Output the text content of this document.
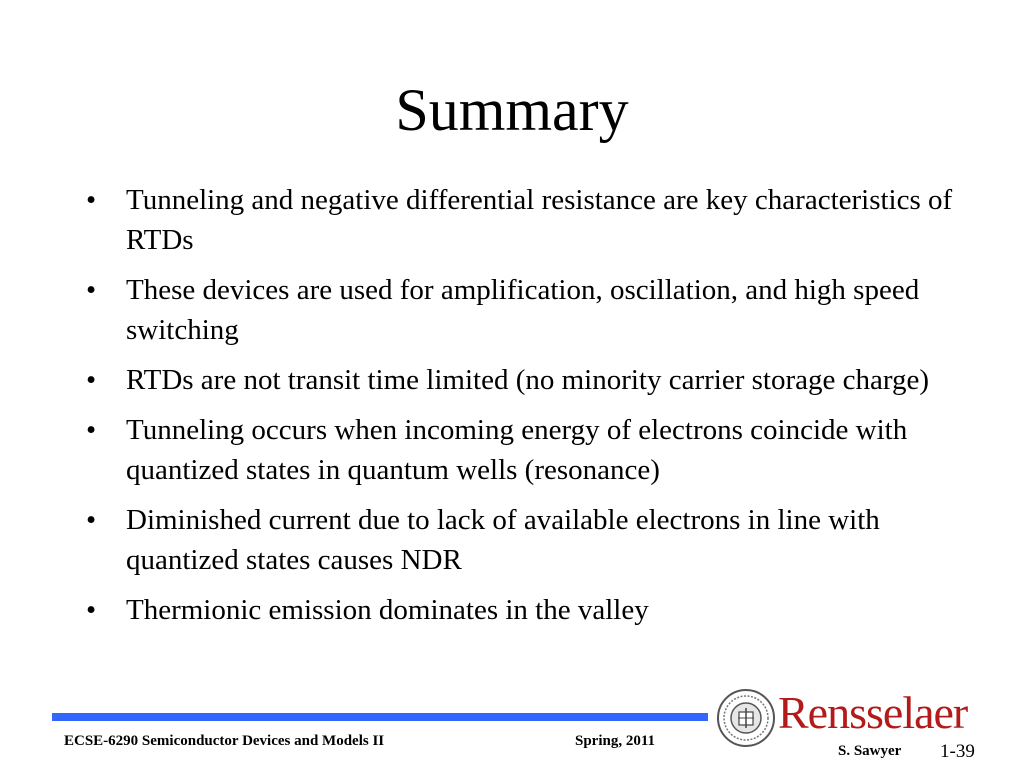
Summary
•	Tunneling and negative differential resistance are key characteristics of RTDs
•	These devices are used for amplification, oscillation, and high speed switching
•	RTDs are not transit time limited (no minority carrier storage charge)
•	Tunneling occurs when incoming energy of electrons coincide with quantized states in quantum wells (resonance)
•	Diminished current due to lack of available electrons in line with quantized states causes NDR
•	Thermionic emission dominates in the valley
ECSE-6290 Semiconductor Devices and Models II	Spring, 2011
Rensselaer
S. Sawyer 1-39
